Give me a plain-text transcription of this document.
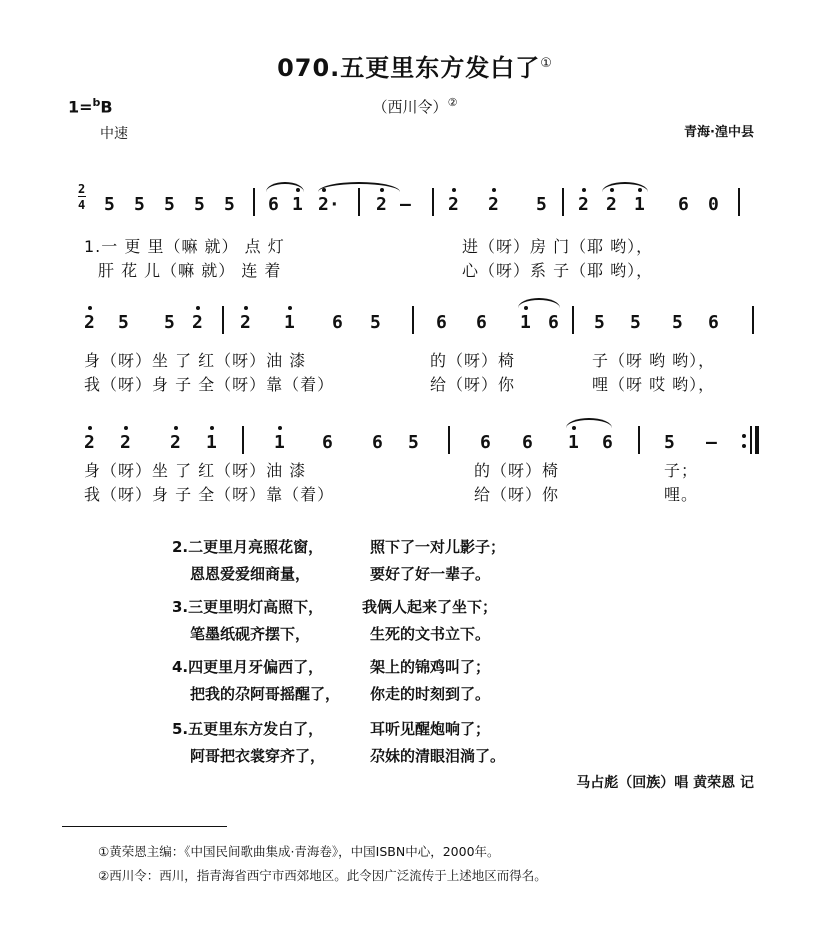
070.五更里东方发白了①
1=$^b$B	（西川令）②
中速	青海·湟中县
2
4 5 5 5 5 5 6 1 2· 2 – 2 2 5 2 2 1 6 0
1.一 更 里（嘛 就） 点 灯	进（呀）房 门（耶 哟），
肝 花 儿（嘛 就） 连 着	心（呀）系 子（耶 哟），
2 5 5 2 2 1 6 5	6 6 1 6 5 5 5 6
身（呀）坐 了 红（呀）油 漆	的（呀）椅	子（呀 哟 哟），
我（呀）身 子 全（呀）靠（着）	给（呀）你	哩（呀 哎 哟），
2 2 2 1	1 6 6 5	6 6 1 6	5 –
身（呀）坐 了 红（呀）油 漆	的（呀）椅	子；
我（呀）身 子 全（呀）靠（着）	给（呀）你	哩。
2.二更里月亮照花窗，	照下了一对儿影子；
恩恩爱爱细商量，	要好了好一辈子。
3.三更里明灯高照下，	我俩人起来了坐下；
笔墨纸砚齐摆下，	生死的文书立下。
4.四更里月牙偏西了，	架上的锦鸡叫了；
把我的尕阿哥摇醒了， 你走的时刻到了。
5.五更里东方发白了，	耳听见醒炮响了；
阿哥把衣裳穿齐了，	尕妹的清眼泪淌了。
马占彪（回族）唱 黄荣恩 记
①黄荣恩主编：《中国民间歌曲集成·青海卷》，中国ISBN中心，2000年。
②西川令：西川，指青海省西宁市西郊地区。此令因广泛流传于上述地区而得名。
